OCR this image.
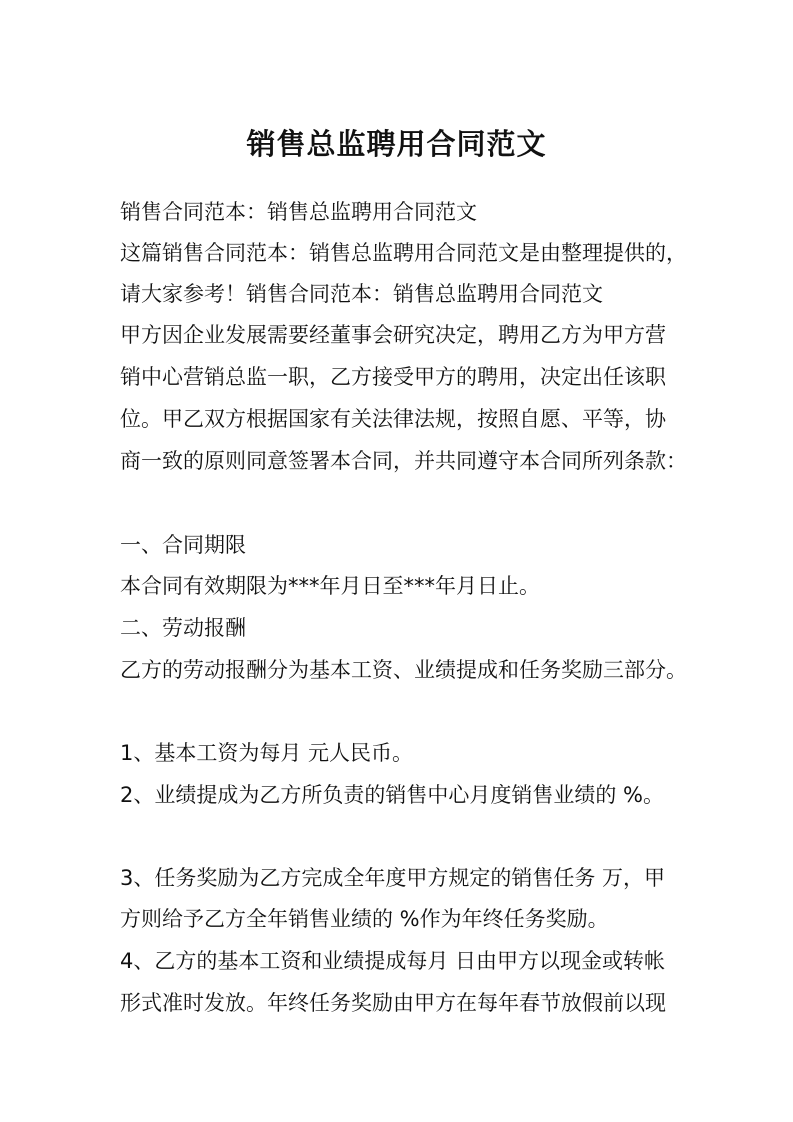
销售总监聘用合同范文

销售合同范本：销售总监聘用合同范文

这篇销售合同范本：销售总监聘用合同范文是由整理提供的，

请大家参考！销售合同范本：销售总监聘用合同范文

甲方因企业发展需要经董事会研究决定，聘用乙方为甲方营

销中心营销总监一职，乙方接受甲方的聘用，决定出任该职

位。甲乙双方根据国家有关法律法规，按照自愿、平等，协

商一致的原则同意签署本合同，并共同遵守本合同所列条款：

一、合同期限

本合同有效期限为***年月日至***年月日止。

二、劳动报酬

乙方的劳动报酬分为基本工资、业绩提成和任务奖励三部分。

1、基本工资为每月 元人民币。

2、业绩提成为乙方所负责的销售中心月度销售业绩的 %。

3、任务奖励为乙方完成全年度甲方规定的销售任务 万，甲

方则给予乙方全年销售业绩的 %作为年终任务奖励。

4、乙方的基本工资和业绩提成每月 日由甲方以现金或转帐

形式准时发放。年终任务奖励由甲方在每年春节放假前以现
